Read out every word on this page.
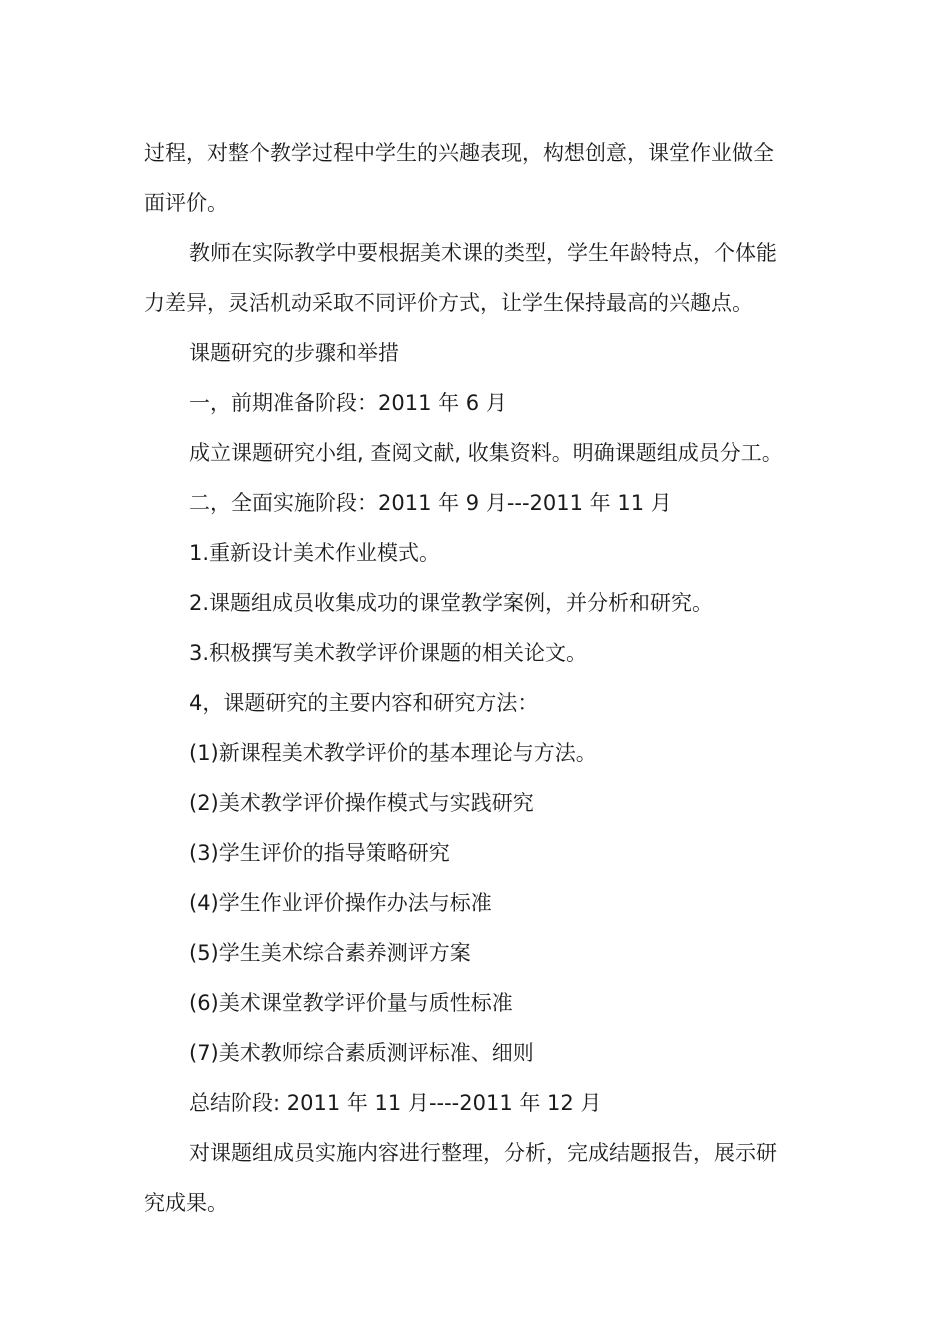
过程，对整个教学过程中学生的兴趣表现，构想创意，课堂作业做全
面评价。
教师在实际教学中要根据美术课的类型，学生年龄特点，个体能
力差异，灵活机动采取不同评价方式，让学生保持最高的兴趣点。

课题研究的步骤和举措

一，前期准备阶段：2011 年 6 月

成立课题研究小组, 查阅文献, 收集资料。明确课题组成员分工。

二，全面实施阶段：2011 年 9 月---2011 年 11 月

1.重新设计美术作业模式。

2.课题组成员收集成功的课堂教学案例，并分析和研究。

3.积极撰写美术教学评价课题的相关论文。

4，课题研究的主要内容和研究方法：

(1)新课程美术教学评价的基本理论与方法。

(2)美术教学评价操作模式与实践研究

(3)学生评价的指导策略研究

(4)学生作业评价操作办法与标准

(5)学生美术综合素养测评方案

(6)美术课堂教学评价量与质性标准

(7)美术教师综合素质测评标准、细则

总结阶段: 2011 年 11 月----2011 年 12 月

对课题组成员实施内容进行整理，分析，完成结题报告，展示研
究成果。
